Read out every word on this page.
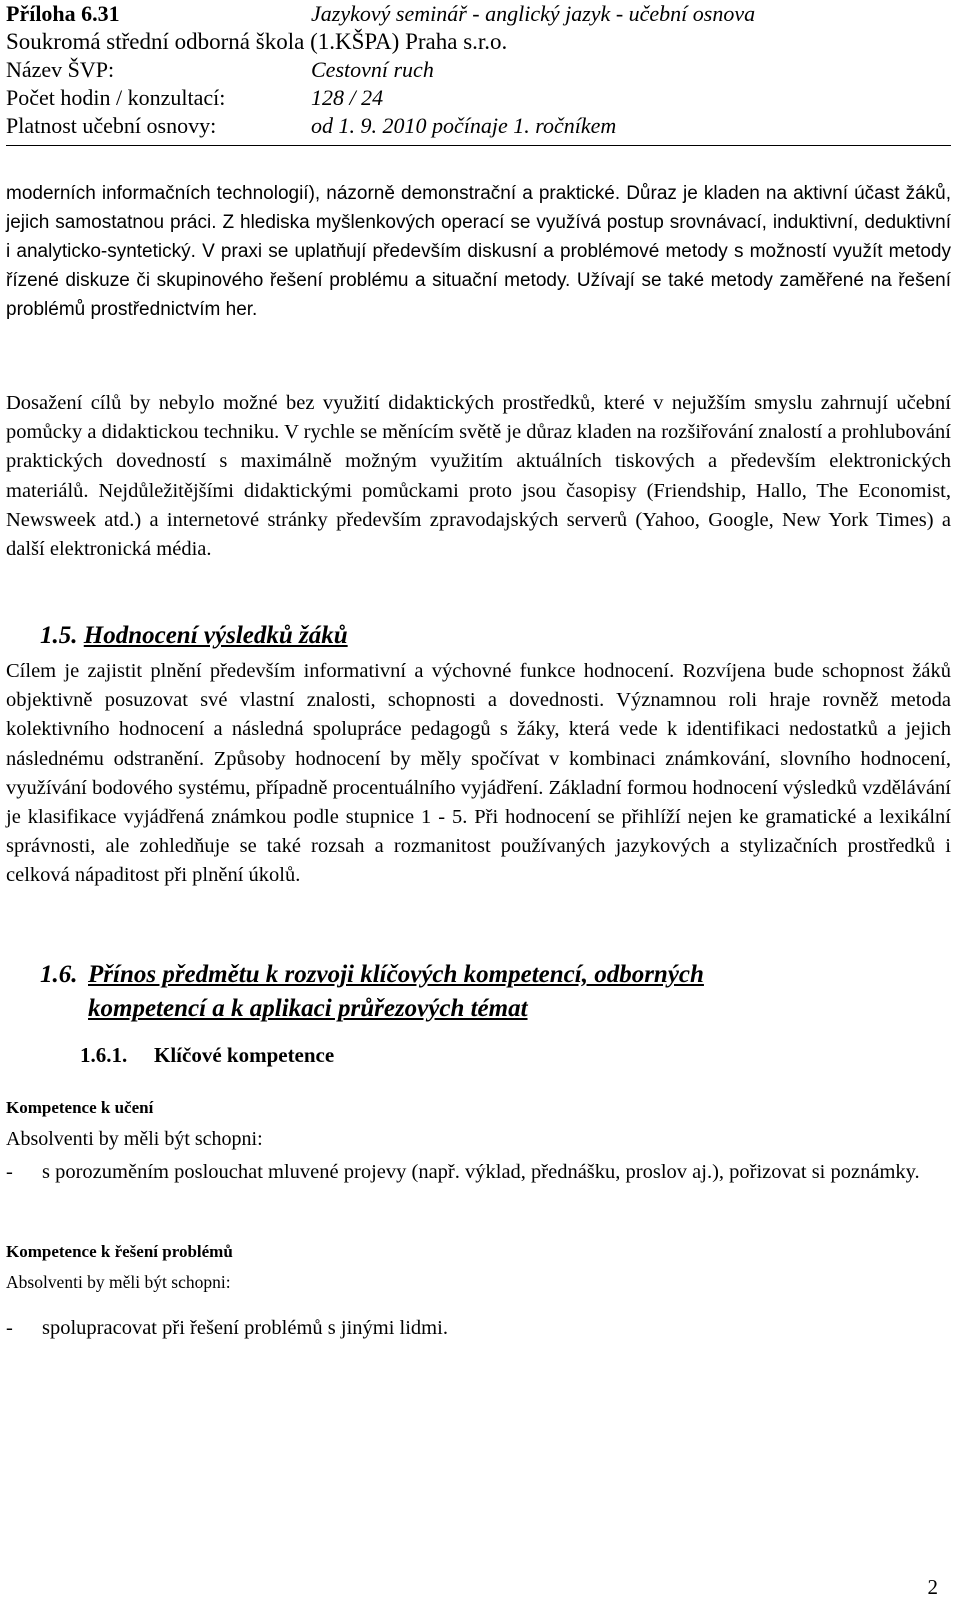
Příloha 6.31	Jazykový seminář - anglický jazyk - učební osnova
Soukromá střední odborná škola (1.KŠPA) Praha s.r.o.
Název ŠVP:	Cestovní ruch
Počet hodin / konzultací:	128 / 24
Platnost učební osnovy:	od 1. 9. 2010 počínaje 1. ročníkem
moderních informačních technologií), názorně demonstrační a praktické. Důraz je kladen na aktivní účast žáků, jejich samostatnou práci. Z hlediska myšlenkových operací se využívá postup srovnávací, induktivní, deduktivní i analyticko-syntetický. V praxi se uplatňují především diskusní a problémové metody s možností využít metody řízené diskuze či skupinového řešení problému a situační metody. Užívají se také metody zaměřené na řešení problémů prostřednictvím her.
Dosažení cílů by nebylo možné bez využití didaktických prostředků, které v nejužším smyslu zahrnují učební pomůcky a didaktickou techniku. V rychle se měnícím světě je důraz kladen na rozšiřování znalostí a prohlubování praktických dovedností s maximálně možným využitím aktuálních tiskových a především elektronických materiálů. Nejdůležitějšími didaktickými pomůckami proto jsou časopisy (Friendship, Hallo, The Economist, Newsweek atd.) a internetové stránky především zpravodajských serverů (Yahoo, Google, New York Times) a další elektronická média.
1.5. Hodnocení výsledků žáků
Cílem je zajistit plnění především informativní a výchovné funkce hodnocení. Rozvíjena bude schopnost žáků objektivně posuzovat své vlastní znalosti, schopnosti a dovednosti. Významnou roli hraje rovněž metoda kolektivního hodnocení a následná spolupráce pedagogů s žáky, která vede k identifikaci nedostatků a jejich následnému odstranění. Způsoby hodnocení by měly spočívat v kombinaci známkování, slovního hodnocení, využívání bodového systému, případně procentuálního vyjádření. Základní formou hodnocení výsledků vzdělávání je klasifikace vyjádřená známkou podle stupnice 1 - 5. Při hodnocení se přihlíží nejen ke gramatické a lexikální správnosti, ale zohledňuje se také rozsah a rozmanitost používaných jazykových a stylizačních prostředků i celková nápaditost při plnění úkolů.
1.6. Přínos předmětu k rozvoji klíčových kompetencí, odborných
kompetencí a k aplikaci průřezových témat
1.6.1. Klíčové kompetence
Kompetence k učení
Absolventi by měli být schopni:
- s porozuměním poslouchat mluvené projevy (např. výklad, přednášku, proslov aj.), pořizovat si poznámky.
Kompetence k řešení problémů
Absolventi by měli být schopni:
- spolupracovat při řešení problémů s jinými lidmi.
2
